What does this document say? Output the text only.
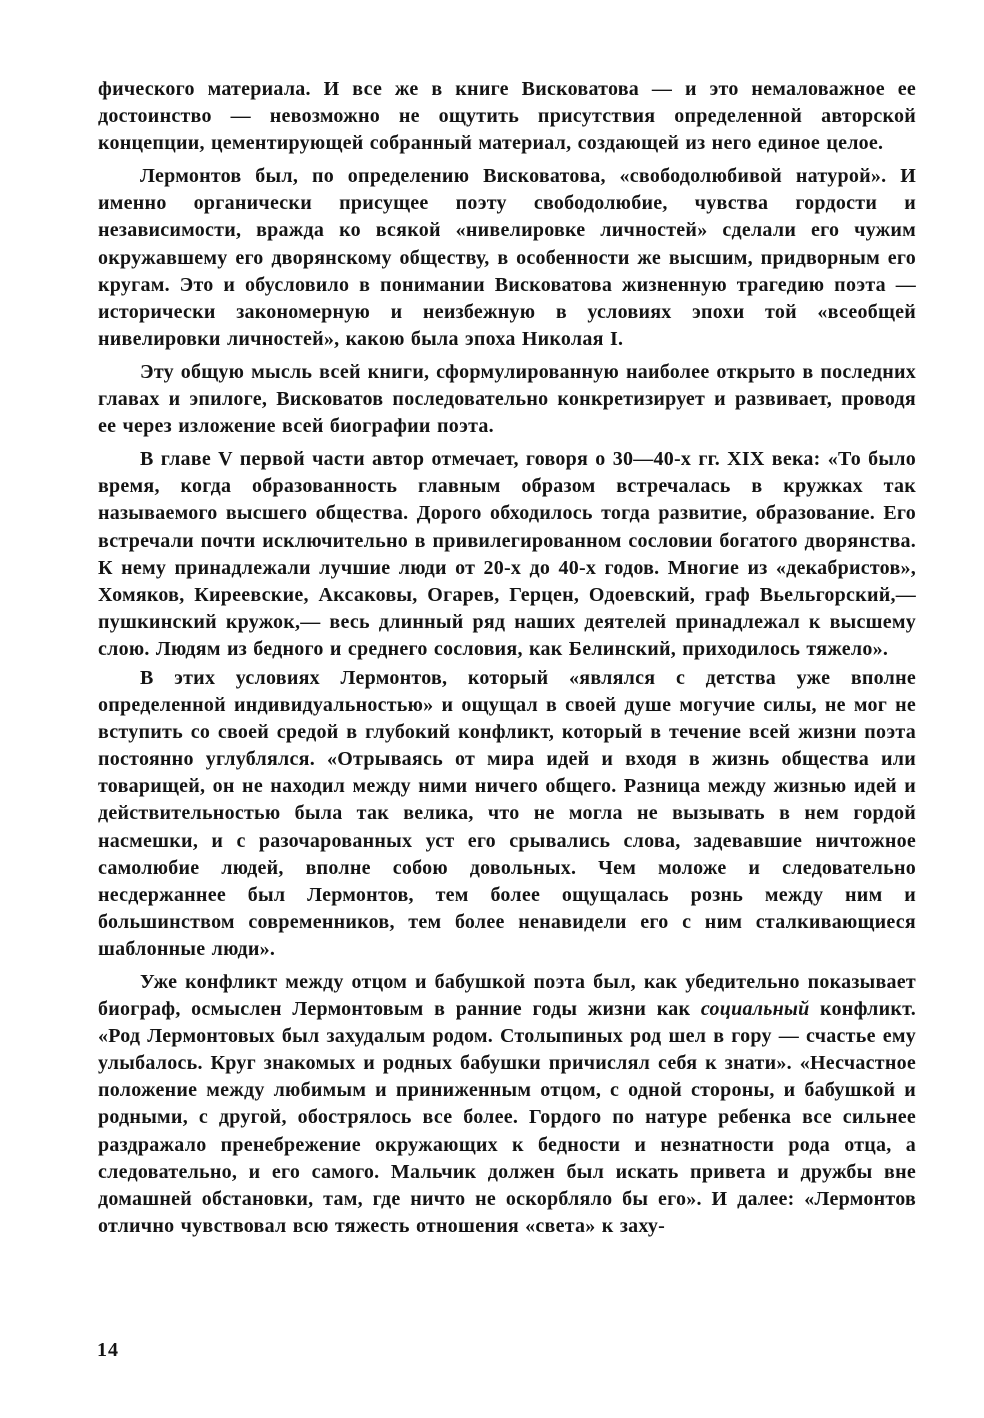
фического материала. И все же в книге Висковатова — и это немаловажное ее достоинство — невозможно не ощутить присутствия определенной авторской концепции, цементирующей собранный материал, создающей из него единое целое.

Лермонтов был, по определению Висковатова, «свободолюбивой натурой». И именно органически присущее поэту свободолюбие, чувства гордости и независимости, вражда ко всякой «нивелировке личностей» сделали его чужим окружавшему его дворянскому обществу, в особенности же высшим, придворным его кругам. Это и обусловило в понимании Висковатова жизненную трагедию поэта — исторически закономерную и неизбежную в условиях эпохи той «всеобщей нивелировки личностей», какою была эпоха Николая I.

Эту общую мысль всей книги, сформулированную наиболее открыто в последних главах и эпилоге, Висковатов последовательно конкретизирует и развивает, проводя ее через изложение всей биографии поэта.

В главе V первой части автор отмечает, говоря о 30—40-х гг. XIX века: «То было время, когда образованность главным образом встречалась в кружках так называемого высшего общества. Дорого обходилось тогда развитие, образование. Его встречали почти исключительно в привилегированном сословии богатого дворянства. К нему принадлежали лучшие люди от 20-х до 40-х годов. Многие из «декабристов», Хомяков, Киреевские, Аксаковы, Огарев, Герцен, Одоевский, граф Вьельгорский,— пушкинский кружок,— весь длинный ряд наших деятелей принадлежал к высшему слою. Людям из бедного и среднего сословия, как Белинский, приходилось тяжело».

В этих условиях Лермонтов, который «являлся с детства уже вполне определенной индивидуальностью» и ощущал в своей душе могучие силы, не мог не вступить со своей средой в глубокий конфликт, который в течение всей жизни поэта постоянно углублялся. «Отрываясь от мира идей и входя в жизнь общества или товарищей, он не находил между ними ничего общего. Разница между жизнью идей и действительностью была так велика, что не могла не вызывать в нем гордой насмешки, и с разочарованных уст его срывались слова, задевавшие ничтожное самолюбие людей, вполне собою довольных. Чем моложе и следовательно несдержаннее был Лермонтов, тем более ощущалась рознь между ним и большинством современников, тем более ненавидели его с ним сталкивающиеся шаблонные люди».

Уже конфликт между отцом и бабушкой поэта был, как убедительно показывает биограф, осмыслен Лермонтовым в ранние годы жизни как социальный конфликт. «Род Лермонтовых был захудалым родом. Столыпиных род шел в гору — счастье ему улыбалось. Круг знакомых и родных бабушки причислял себя к знати». «Несчастное положение между любимым и приниженным отцом, с одной стороны, и бабушкой и родными, с другой, обострялось все более. Гордого по натуре ребенка все сильнее раздражало пренебрежение окружающих к бедности и незнатности рода отца, а следовательно, и его самого. Мальчик должен был искать привета и дружбы вне домашней обстановки, там, где ничто не оскорбляло бы его». И далее: «Лермонтов отлично чувствовал всю тяжесть отношения «света» к заху-

14
